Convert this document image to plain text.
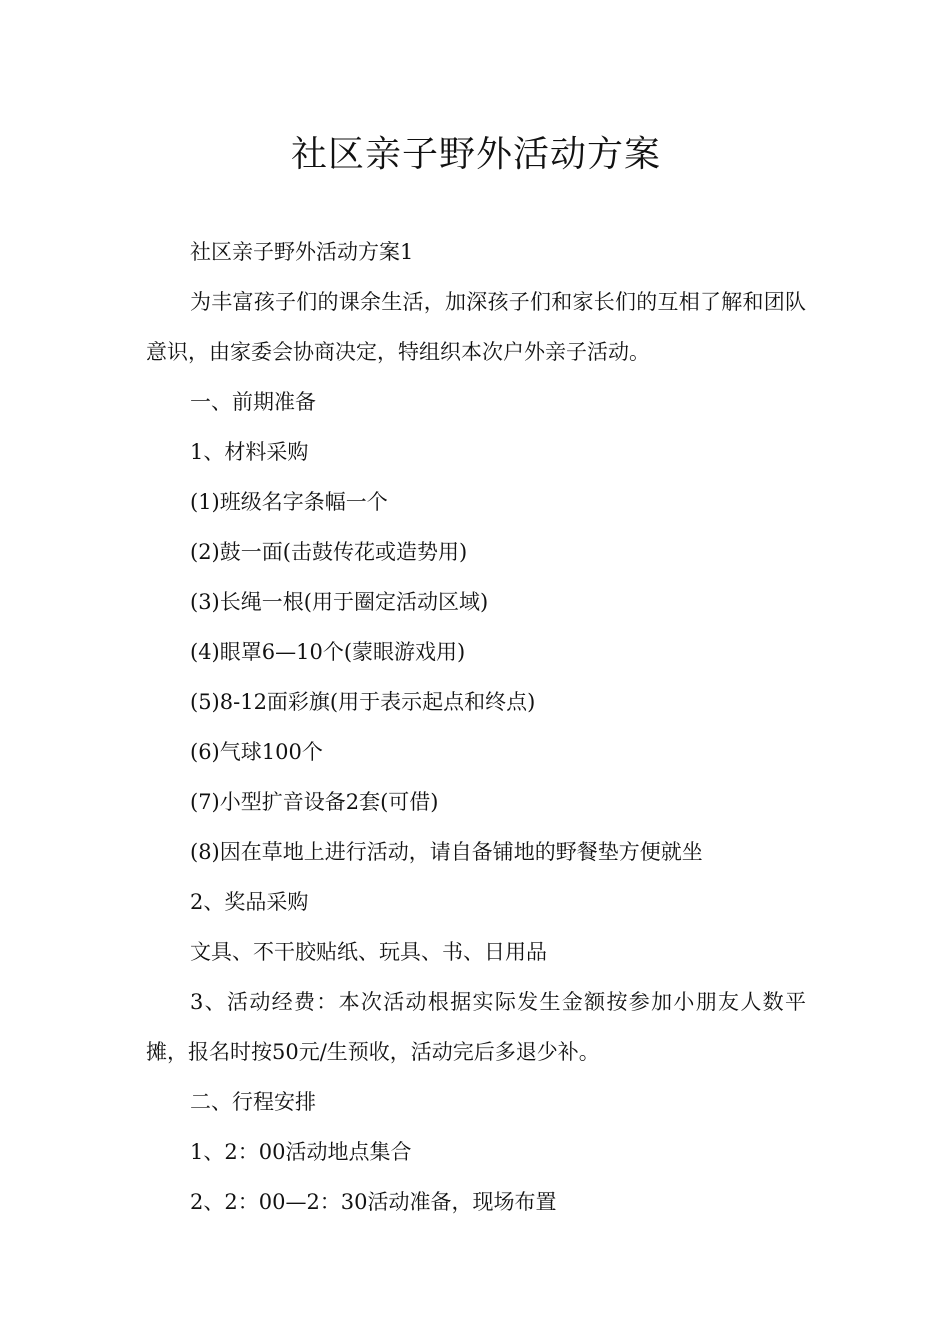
社区亲子野外活动方案

社区亲子野外活动方案1

为丰富孩子们的课余生活，加深孩子们和家长们的互相了解和团队意识，由家委会协商决定，特组织本次户外亲子活动。

一、前期准备

1、材料采购

(1)班级名字条幅一个

(2)鼓一面(击鼓传花或造势用)

(3)长绳一根(用于圈定活动区域)

(4)眼罩6—10个(蒙眼游戏用)

(5)8-12面彩旗(用于表示起点和终点)

(6)气球100个

(7)小型扩音设备2套(可借)

(8)因在草地上进行活动，请自备铺地的野餐垫方便就坐

2、奖品采购

文具、不干胶贴纸、玩具、书、日用品

3、活动经费：本次活动根据实际发生金额按参加小朋友人数平摊，报名时按50元/生预收，活动完后多退少补。

二、行程安排

1、2：00活动地点集合

2、2：00—2：30活动准备，现场布置
